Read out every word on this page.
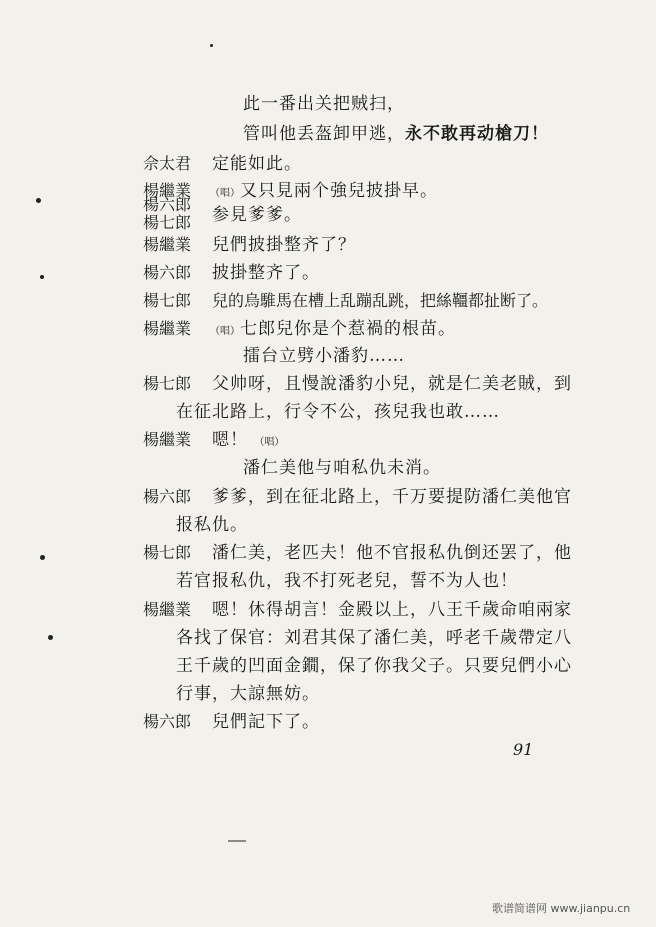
此一番出关把贼扫，
管叫他丢盔卸甲逃，永不敢再动槍刀！
佘太君 定能如此。
楊繼業 （唱）又只見兩个強兒披掛早。
楊六郎
楊七郎 参見爹爹。
楊繼業 兒們披掛整齐了？
楊六郎 披掛整齐了。
楊七郎 兒的烏騅馬在槽上乱蹦乱跳，把絲韁都扯断了。
楊繼業 （唱）七郎兒你是个惹禍的根苗。
擂台立劈小潘豹……
楊七郎 父帅呀，且慢說潘豹小兒，就是仁美老賊，到
在征北路上，行令不公，孩兒我也敢……
楊繼業 嗯！ （唱）
潘仁美他与咱私仇未消。
楊六郎 爹爹，到在征北路上，千万要提防潘仁美他官
报私仇。
楊七郎 潘仁美，老匹夫！他不官报私仇倒还罢了，他
若官报私仇，我不打死老兒，誓不为人也！
楊繼業 嗯！休得胡言！金殿以上，八王千歲命咱兩家
各找了保官：刘君其保了潘仁美，呼老千歲帶定八
王千歲的凹面金鐗，保了你我父子。只要兒們小心
行事，大諒無妨。
楊六郎 兒們記下了。
91
歌谱简谱网 www.jianpu.cn
